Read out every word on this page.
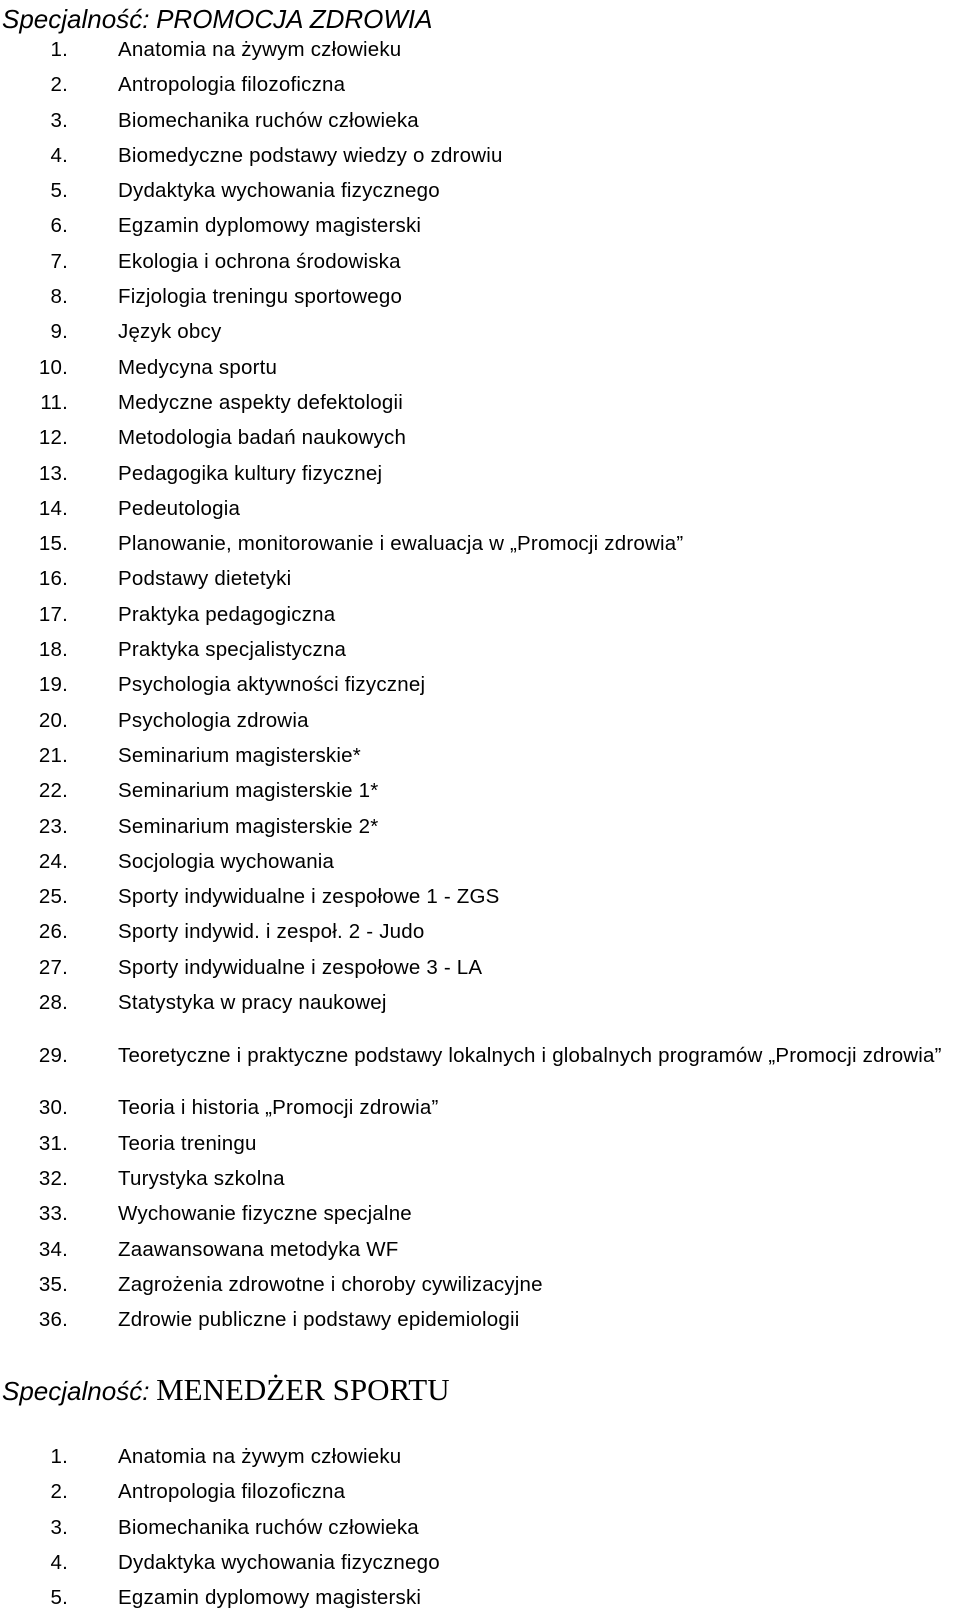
Specjalność: PROMOCJA ZDROWIA
1.	Anatomia na żywym człowieku
2.	Antropologia filozoficzna
3.	Biomechanika ruchów człowieka
4.	Biomedyczne podstawy wiedzy o zdrowiu
5.	Dydaktyka wychowania fizycznego
6.	Egzamin dyplomowy magisterski
7.	Ekologia i ochrona środowiska
8.	Fizjologia treningu sportowego
9.	Język obcy
10.	Medycyna sportu
11.	Medyczne aspekty defektologii
12.	Metodologia badań naukowych
13.	Pedagogika kultury fizycznej
14.	Pedeutologia
15.	Planowanie, monitorowanie i ewaluacja w „Promocji zdrowia”
16.	Podstawy dietetyki
17.	Praktyka pedagogiczna
18.	Praktyka specjalistyczna
19.	Psychologia aktywności fizycznej
20.	Psychologia zdrowia
21.	Seminarium magisterskie*
22.	Seminarium magisterskie 1*
23.	Seminarium magisterskie 2*
24.	Socjologia wychowania
25.	Sporty indywidualne i zespołowe 1 - ZGS
26.	Sporty indywid. i zespoł. 2 - Judo
27.	Sporty indywidualne i zespołowe 3 - LA
28.	Statystyka w pracy naukowej
29.	Teoretyczne i praktyczne podstawy lokalnych i globalnych programów „Promocji zdrowia”
30.	Teoria i historia „Promocji zdrowia”
31.	Teoria treningu
32.	Turystyka szkolna
33.	Wychowanie fizyczne specjalne
34.	Zaawansowana metodyka WF
35.	Zagrożenia zdrowotne i choroby cywilizacyjne
36.	Zdrowie publiczne i podstawy epidemiologii
Specjalność: MENEDŻER SPORTU
1.	Anatomia na żywym człowieku
2.	Antropologia filozoficzna
3.	Biomechanika ruchów człowieka
4.	Dydaktyka wychowania fizycznego
5.	Egzamin dyplomowy magisterski
